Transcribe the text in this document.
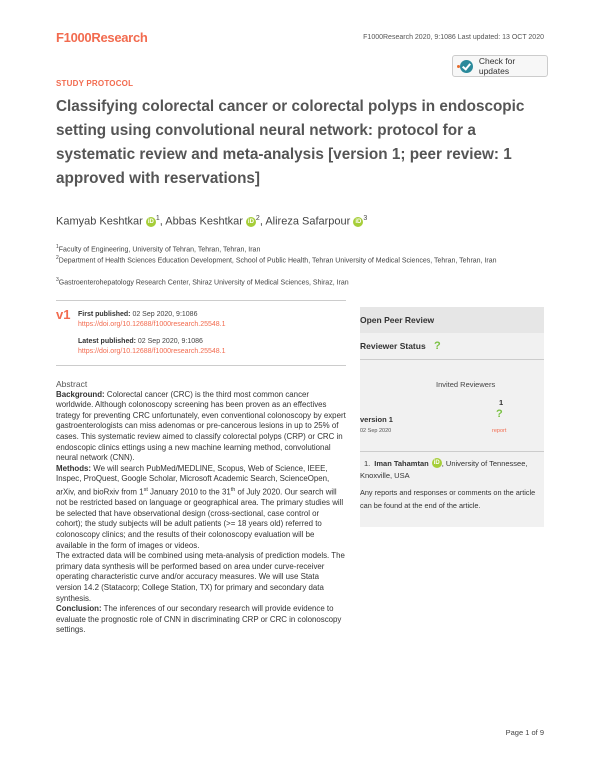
F1000Research	F1000Research 2020, 9:1086 Last updated: 13 OCT 2020
Check for updates
STUDY PROTOCOL
Classifying colorectal cancer or colorectal polyps in endoscopic setting using convolutional neural network: protocol for a systematic review and meta-analysis [version 1; peer review: 1 approved with reservations]
Kamyab Keshtkar iD $^1$, Abbas Keshtkar iD $^2$, Alireza Safarpour iD $^3$
$^1$Faculty of Engineering, University of Tehran, Tehran, Tehran, Iran
$^2$Department of Health Sciences Education Development, School of Public Health, Tehran University of Medical Sciences, Tehran, Tehran, Iran
$^3$Gastroenterohepatology Research Center, Shiraz University of Medical Sciences, Shiraz, Iran
v1 First published: 02 Sep 2020, 9:1086
https://doi.org/10.12688/f1000research.25548.1
Latest published: 02 Sep 2020, 9:1086
https://doi.org/10.12688/f1000research.25548.1
Abstract
Background: Colorectal cancer (CRC) is the third most common cancer worldwide. Although colonoscopy screening has been proven as an effectives trategy for preventing CRC unfortunately, even conventional colonoscopy by expert gastroenterologists can miss adenomas or pre-cancerous lesions in up to 25% of cases. This systematic review aimed to classify colorectal polyps (CRP) or CRC in endoscopic clinics ettings using a new machine learning method, convolutional neural network (CNN).
Methods: We will search PubMed/MEDLINE, Scopus, Web of Science, IEEE, Inspec, ProQuest, Google Scholar, Microsoft Academic Search, ScienceOpen, arXiv, and bioRxiv from 1st January 2010 to the 31th of July 2020. Our search will not be restricted based on language or geographical area. The primary studies will be selected that have observational design (cross-sectional, case control or cohort); the study subjects will be adult patients (>= 18 years old) referred to colonoscopy clinics; and the results of their colonoscopy evaluation will be available in the form of images or videos.
The extracted data will be combined using meta-analysis of prediction models. The primary data synthesis will be performed based on area under curve-receiver operating characteristic curve and/or accuracy measures. We will use Stata version 14.2 (Statacorp; College Station, TX) for primary and secondary data synthesis.
Conclusion: The inferences of our secondary research will provide evidence to evaluate the prognostic role of CNN in discriminating CRP or CRC in colonoscopy settings.
Open Peer Review
Reviewer Status ?
Invited Reviewers
1
version 1
02 Sep 2020
?
report
1. Iman Tahamtan iD , University of Tennessee, Knoxville, USA
Any reports and responses or comments on the article can be found at the end of the article.
Page 1 of 9
